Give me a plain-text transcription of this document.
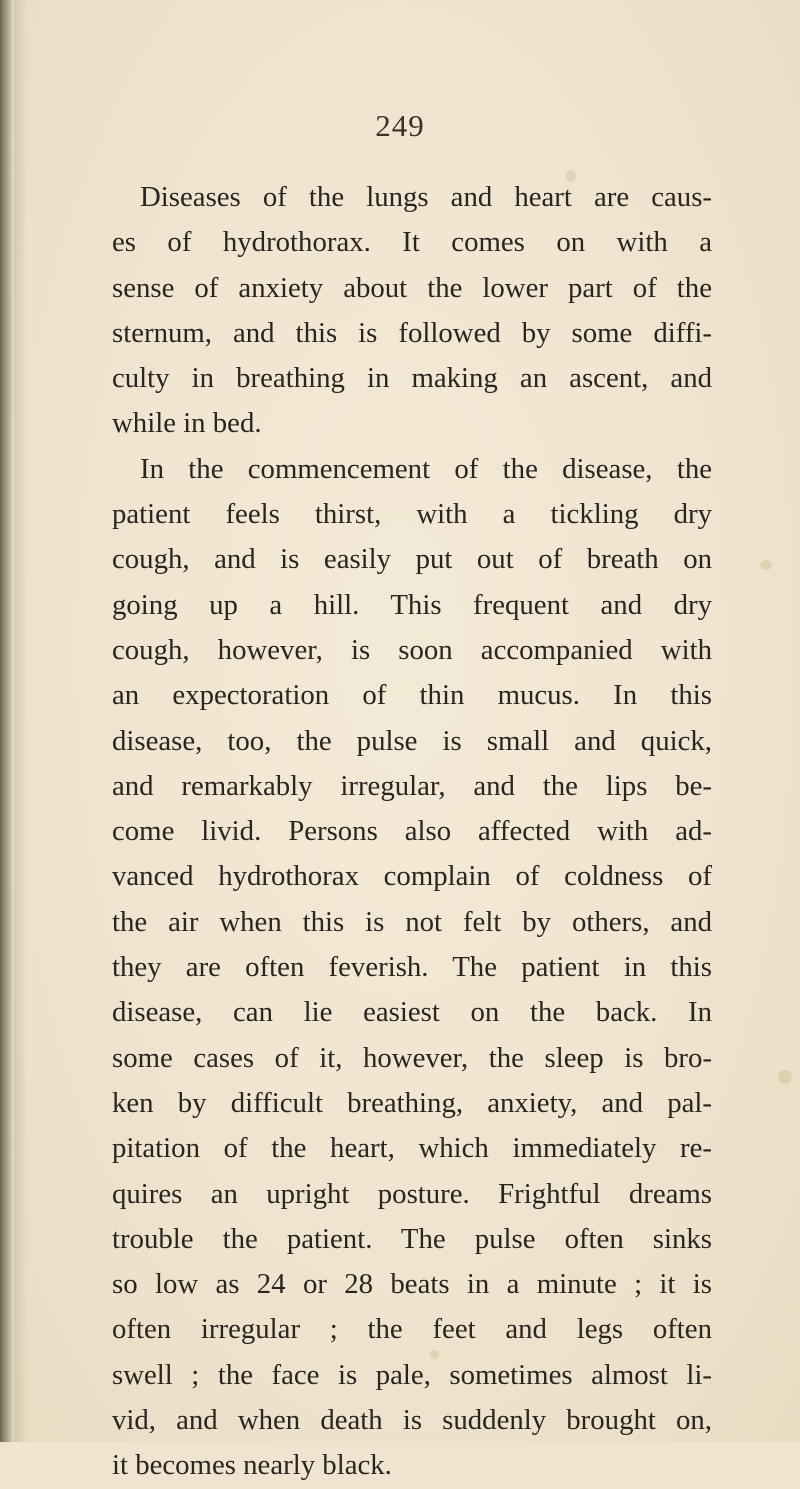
249
Diseases of the lungs and heart are caus-
es of hydrothorax. It comes on with a
sense of anxiety about the lower part of the
sternum, and this is followed by some diffi-
culty in breathing in making an ascent, and
while in bed.
In the commencement of the disease, the
patient feels thirst, with a tickling dry
cough, and is easily put out of breath on
going up a hill. This frequent and dry
cough, however, is soon accompanied with
an expectoration of thin mucus. In this
disease, too, the pulse is small and quick,
and remarkably irregular, and the lips be-
come livid. Persons also affected with ad-
vanced hydrothorax complain of coldness of
the air when this is not felt by others, and
they are often feverish. The patient in this
disease, can lie easiest on the back. In
some cases of it, however, the sleep is bro-
ken by difficult breathing, anxiety, and pal-
pitation of the heart, which immediately re-
quires an upright posture. Frightful dreams
trouble the patient. The pulse often sinks
so low as 24 or 28 beats in a minute ; it is
often irregular ; the feet and legs often
swell ; the face is pale, sometimes almost li-
vid, and when death is suddenly brought on,
it becomes nearly black.
